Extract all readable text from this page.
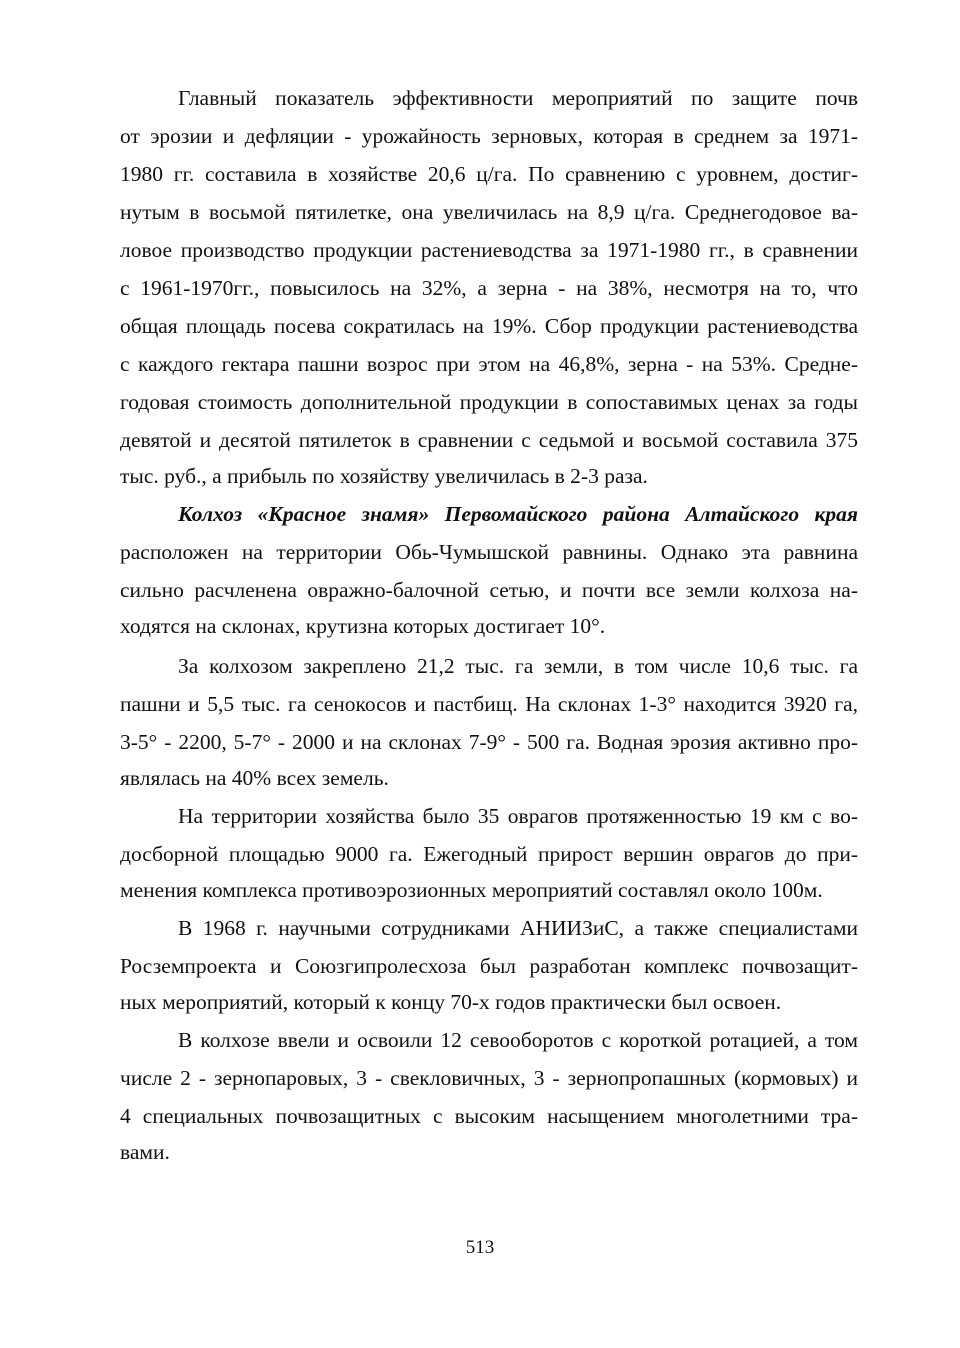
Главный показатель эффективности мероприятий по защите почв
от эрозии и дефляции - урожайность зерновых, которая в среднем за 1971-
1980 гг. составила в хозяйстве 20,6 ц/га. По сравнению с уровнем, достиг-
нутым в восьмой пятилетке, она увеличилась на 8,9 ц/га. Среднегодовое ва-
ловое производство продукции растениеводства за 1971-1980 гг., в сравнении
с 1961-1970гг., повысилось на 32%, а зерна - на 38%, несмотря на то, что
общая площадь посева сократилась на 19%. Сбор продукции растениеводства
с каждого гектара пашни возрос при этом на 46,8%, зерна - на 53%. Средне-
годовая стоимость дополнительной продукции в сопоставимых ценах за годы
девятой и десятой пятилеток в сравнении с седьмой и восьмой составила 375
тыс. руб., а прибыль по хозяйству увеличилась в 2-3 раза.
Колхоз «Красное знамя» Первомайского района Алтайского края
расположен на территории Обь-Чумышской равнины. Однако эта равнина
сильно расчленена овражно-балочной сетью, и почти все земли колхоза на-
ходятся на склонах, крутизна которых достигает 10°.
За колхозом закреплено 21,2 тыс. га земли, в том числе 10,6 тыс. га
пашни и 5,5 тыс. га сенокосов и пастбищ. На склонах 1-3° находится 3920 га,
3-5° - 2200, 5-7° - 2000 и на склонах 7-9° - 500 га. Водная эрозия активно про-
являлась на 40% всех земель.
На территории хозяйства было 35 оврагов протяженностью 19 км с во-
досборной площадью 9000 га. Ежегодный прирост вершин оврагов до при-
менения комплекса противоэрозионных мероприятий составлял около 100м.
В 1968 г. научными сотрудниками АНИИЗиС, а также специалистами
Росземпроекта и Союзгипролесхоза был разработан комплекс почвозащит-
ных мероприятий, который к концу 70-х годов практически был освоен.
В колхозе ввели и освоили 12 севооборотов с короткой ротацией, а том
числе 2 - зернопаровых, 3 - свекловичных, 3 - зернопропашных (кормовых) и
4 специальных почвозащитных с высоким насыщением многолетними тра-
вами.
513
